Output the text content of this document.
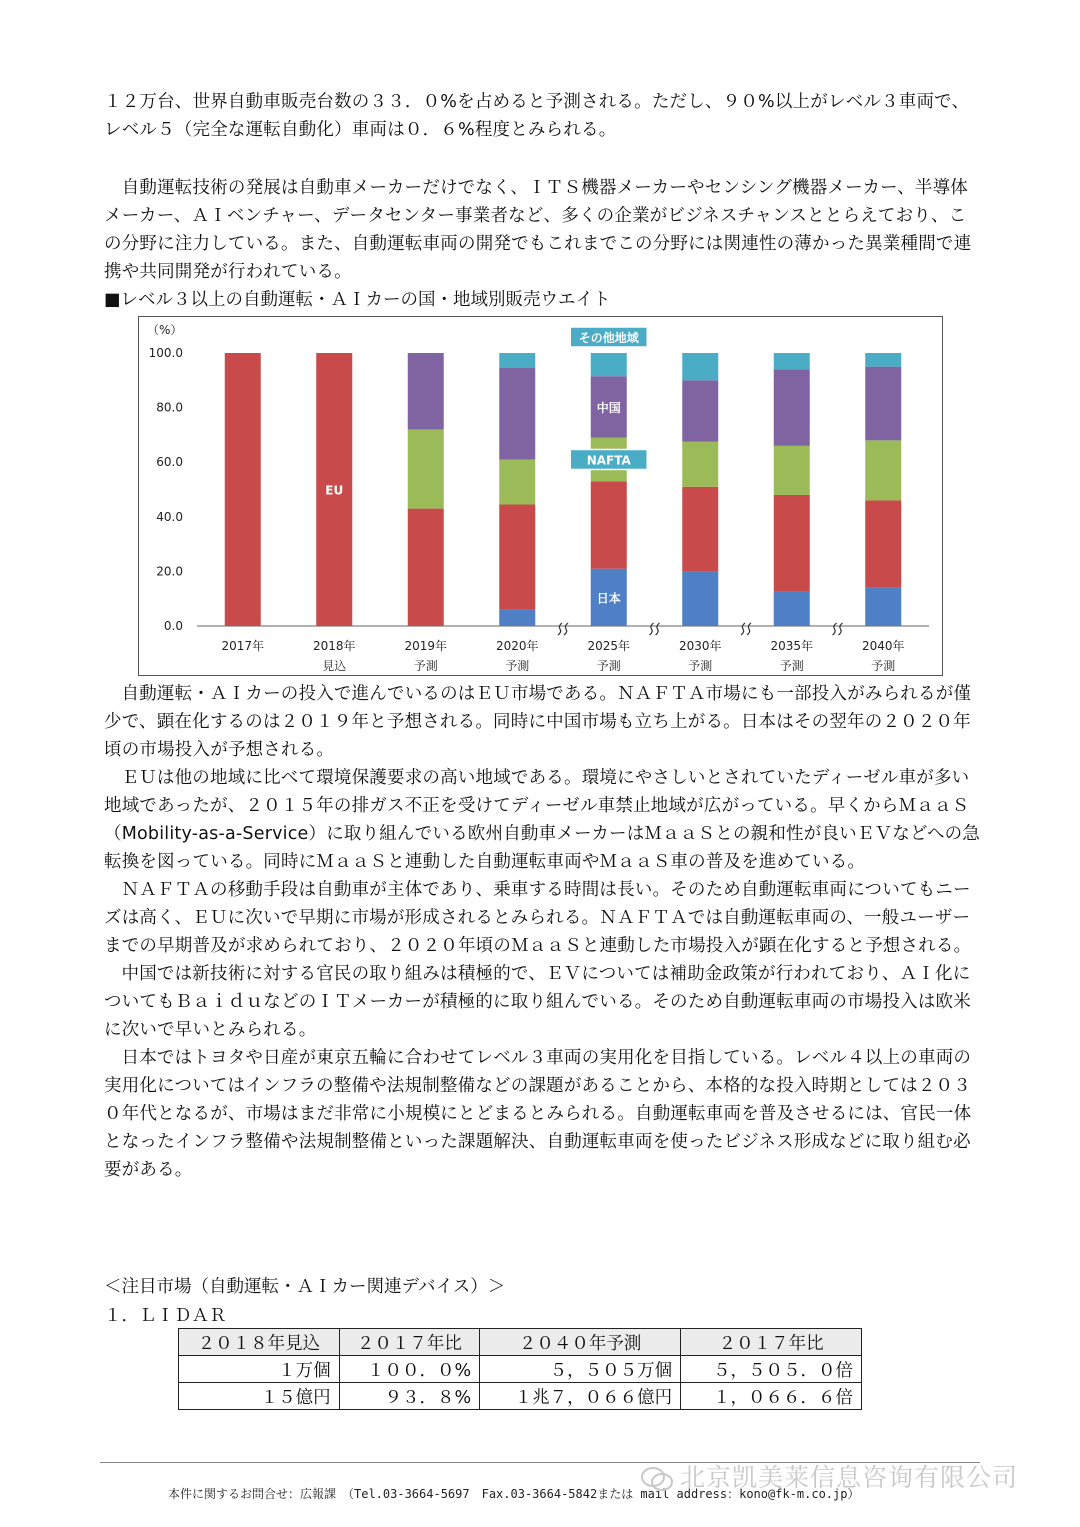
１２万台、世界自動車販売台数の３３．０%を占めると予測される。ただし、９０%以上がレベル３車両で、レベル５（完全な運転自動化）車両は０．６%程度とみられる。

　自動運転技術の発展は自動車メーカーだけでなく、ＩＴＳ機器メーカーやセンシング機器メーカー、半導体メーカー、ＡＩベンチャー、データセンター事業者など、多くの企業がビジネスチャンスととらえており、この分野に注力している。また、自動運転車両の開発でもこれまでこの分野には関連性の薄かった異業種間で連携や共同開発が行われている。

■レベル３以上の自動運転・ＡＩカーの国・地域別販売ウエイト
（%）
0.0
20.0
40.0
60.0
80.0
100.0
2017年	2018年
見込
2019年
予測
2020年
予測
2025年
予測
2030年
予測
2035年
予測
2040年
予測
その他地域
中国
NAFTA
EU
日本

自動運転・ＡＩカーの投入で進んでいるのはＥＵ市場である。ＮＡＦＴＡ市場にも一部投入がみられるが僅少で、顕在化するのは２０１９年と予想される。同時に中国市場も立ち上がる。日本はその翌年の２０２０年頃の市場投入が予想される。

ＥＵは他の地域に比べて環境保護要求の高い地域である。環境にやさしいとされていたディーゼル車が多い地域であったが、２０１５年の排ガス不正を受けてディーゼル車禁止地域が広がっている。早くからＭａａＳ（Mobility-as-a-Service）に取り組んでいる欧州自動車メーカーはＭａａＳとの親和性が良いＥＶなどへの急転換を図っている。同時にＭａａＳと連動した自動運転車両やＭａａＳ車の普及を進めている。

ＮＡＦＴＡの移動手段は自動車が主体であり、乗車する時間は長い。そのため自動運転車両についてもニーズは高く、ＥＵに次いで早期に市場が形成されるとみられる。ＮＡＦＴＡでは自動運転車両の、一般ユーザーまでの早期普及が求められており、２０２０年頃のＭａａＳと連動した市場投入が顕在化すると予想される。

中国では新技術に対する官民の取り組みは積極的で、ＥＶについては補助金政策が行われており、ＡＩ化についてもＢａｉｄｕなどのＩＴメーカーが積極的に取り組んでいる。そのため自動運転車両の市場投入は欧米に次いで早いとみられる。

日本ではトヨタや日産が東京五輪に合わせてレベル３車両の実用化を目指している。レベル４以上の車両の実用化についてはインフラの整備や法規制整備などの課題があることから、本格的な投入時期としては２０３０年代となるが、市場はまだ非常に小規模にとどまるとみられる。自動運転車両を普及させるには、官民一体となったインフラ整備や法規制整備といった課題解決、自動運転車両を使ったビジネス形成などに取り組む必要がある。

＜注目市場（自動運転・ＡＩカー関連デバイス）＞
１．ＬＩＤＡＲ
２０１８年見込	２０１７年比	２０４０年予測	２０１７年比
１万個	１００．０%	５，５０５万個	５，５０５．０倍
１５億円	９３．８%	１兆７，０６６億円	１，０６６．６倍
本件に関するお問合せ：広報課　（Tel.03-3664-5697　Fax.03-3664-5842または mail address：kono@fk-m.co.jp）
北京凯美莱信息咨询有限公司
